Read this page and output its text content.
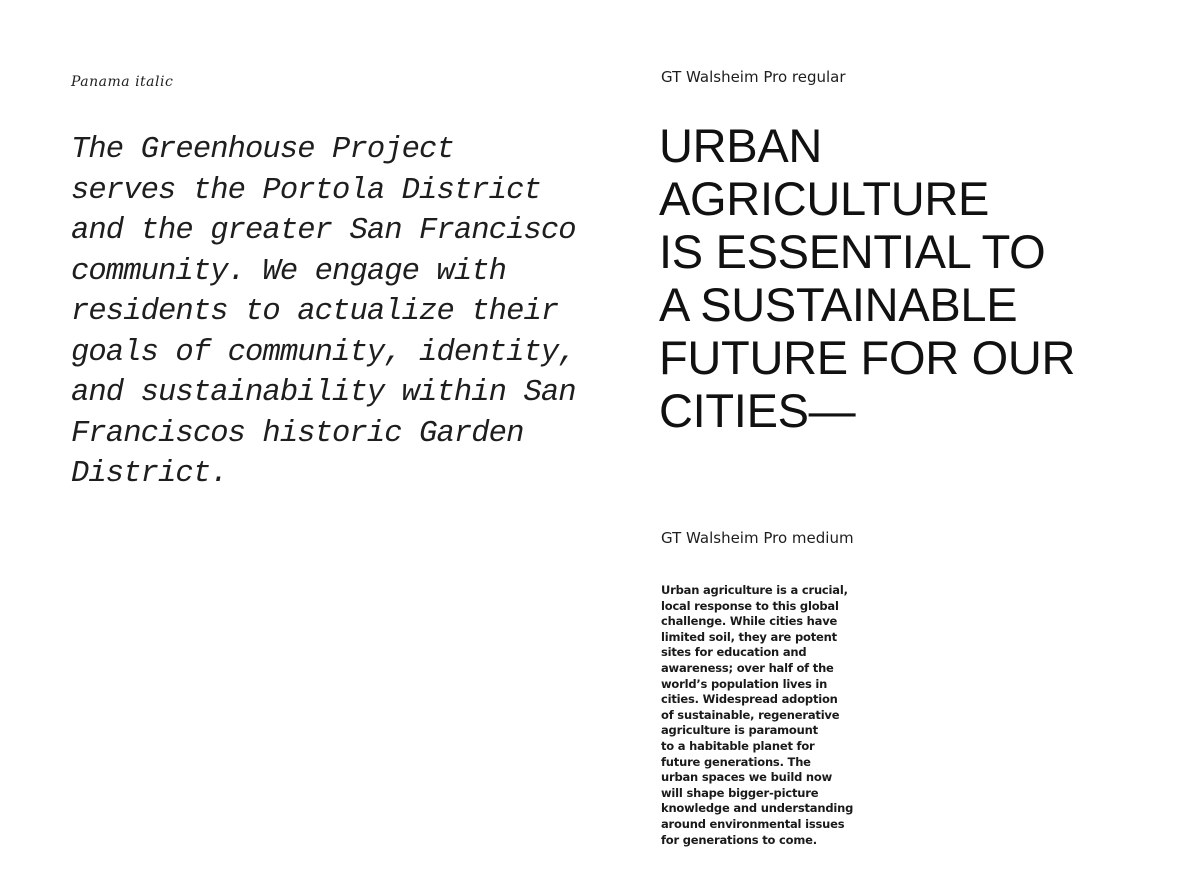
Panama italic

The Greenhouse Project
serves the Portola District
and the greater San Francisco
community. We engage with
residents to actualize their
goals of community, identity,
and sustainability within San
Franciscos historic Garden
District.

GT Walsheim Pro regular

URBAN
AGRICULTURE
IS ESSENTIAL TO
A SUSTAINABLE
FUTURE FOR OUR
CITIES—

GT Walsheim Pro medium

Urban agriculture is a crucial,
local response to this global
challenge. While cities have
limited soil, they are potent
sites for education and
awareness; over half of the
world’s population lives in
cities. Widespread adoption
of sustainable, regenerative
agriculture is paramount
to a habitable planet for
future generations. The
urban spaces we build now
will shape bigger-picture
knowledge and understanding
around environmental issues
for generations to come.
